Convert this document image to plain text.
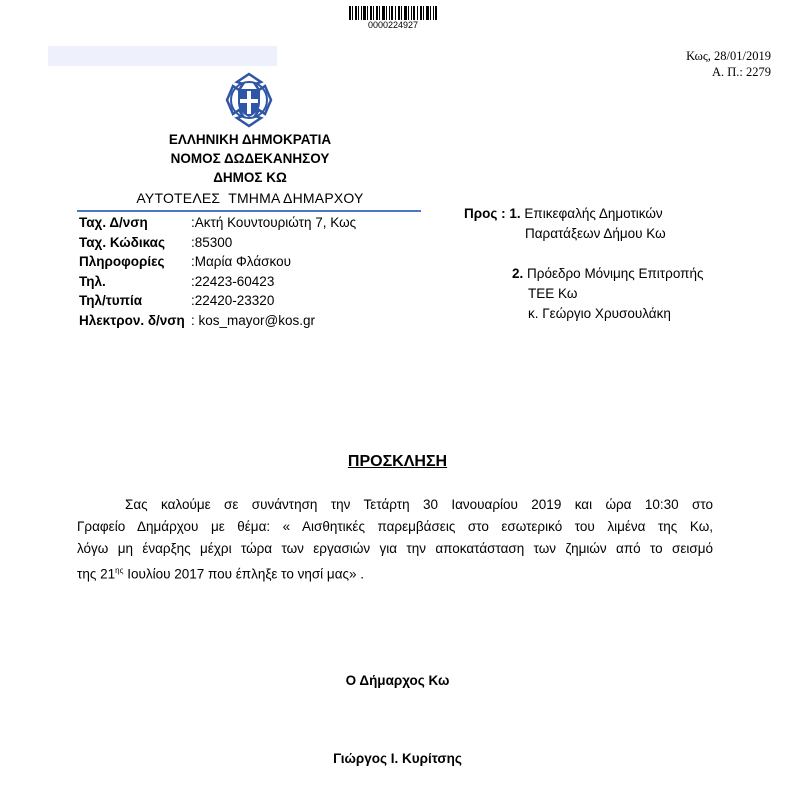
0000224927
Κως, 28/01/2019
Α. Π.: 2279
ΕΛΛΗΝΙΚΗ ΔΗΜΟΚΡΑΤΙΑ
ΝΟΜΟΣ ΔΩΔΕΚΑΝΗΣΟΥ
ΔΗΜΟΣ ΚΩ
ΑΥΤΟΤΕΛΕΣ  ΤΜΗΜΑ ΔΗΜΑΡΧΟΥ
Ταχ. Δ/νση	:Ακτή Κουντουριώτη 7, Κως
Ταχ. Κώδικας :85300
Πληροφορίες :Μαρία Φλάσκου
Τηλ.	:22423-60423
Τηλ/τυπία	:22420-23320
Ηλεκτρον. δ/νση : kos_mayor@kos.gr
Προς : 1. Επικεφαλής Δημοτικών
Παρατάξεων Δήμου Κω
2. Πρόεδρο Μόνιμης Επιτροπής
ΤΕΕ Κω
κ. Γεώργιο Χρυσουλάκη
ΠΡΟΣΚΛΗΣΗ
Σας καλούμε σε συνάντηση την Τετάρτη 30 Ιανουαρίου 2019 και ώρα 10:30 στο
Γραφείο Δημάρχου με θέμα: « Αισθητικές παρεμβάσεις στο εσωτερικό του λιμένα της Κω,
λόγω μη έναρξης μέχρι τώρα των εργασιών για την αποκατάσταση των ζημιών από το σεισμό
της $21^{\eta\varsigma}$ Ιουλίου 2017 που έπληξε το νησί μας» .
Ο Δήμαρχος Κω
Γιώργος Ι. Κυρίτσης
